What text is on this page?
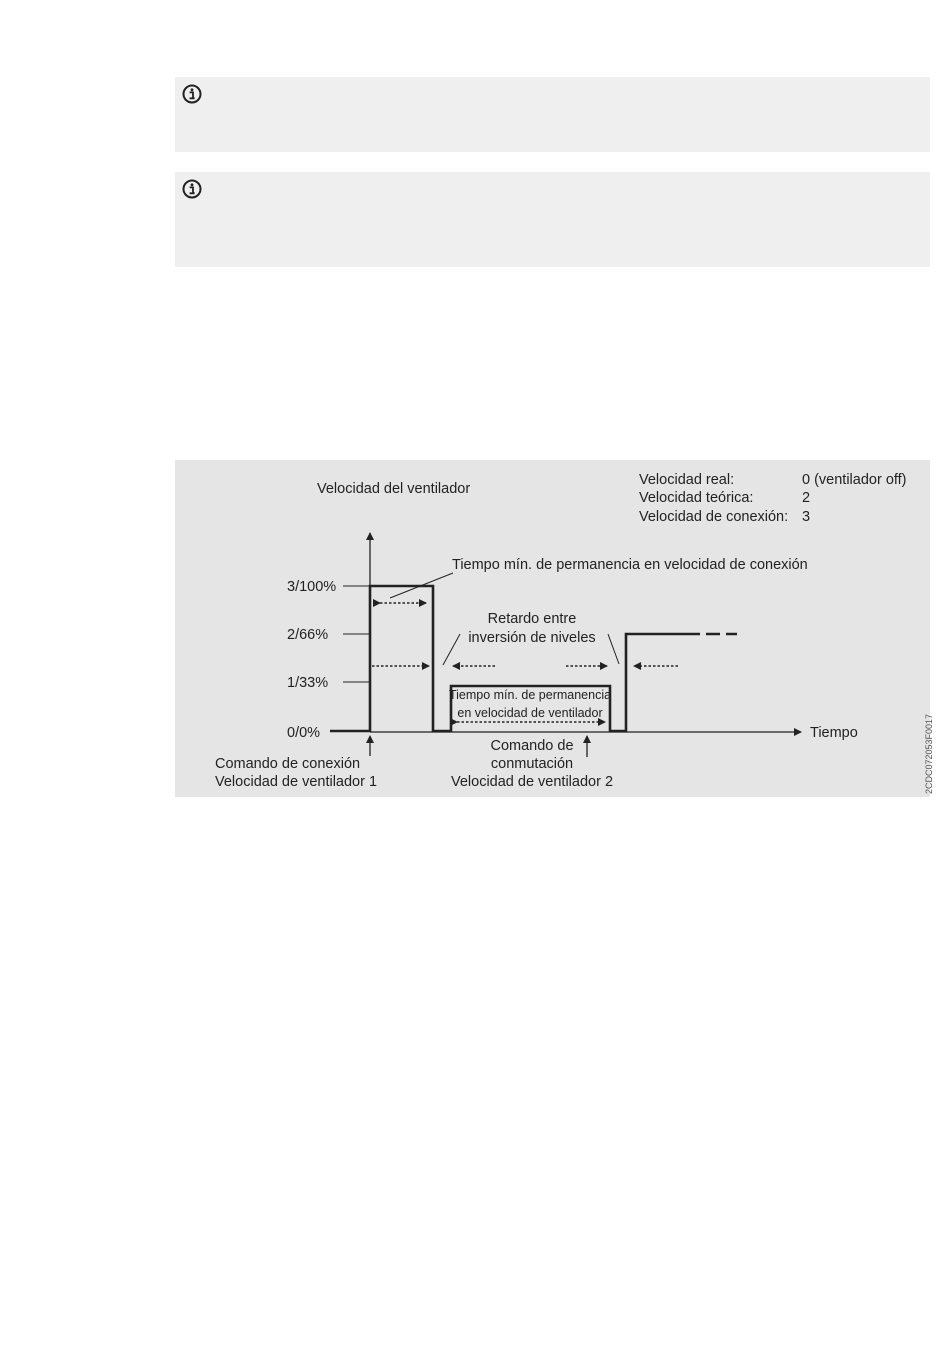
Velocidad del ventilador
Tiempo
3/100%
2/66%
1/33%
0/0%
Velocidad real:	0 (ventilador off)
Velocidad teórica:	2
Velocidad de conexión: 3
Tiempo mín. de permanencia en velocidad de conexión
Retardo entre
inversión de niveles
Tiempo mín. de permanencia
en velocidad de ventilador
Comando de conexión
Velocidad de ventilador 1
Comando de
conmutación
Velocidad de ventilador 2	2CDC072053F0017
